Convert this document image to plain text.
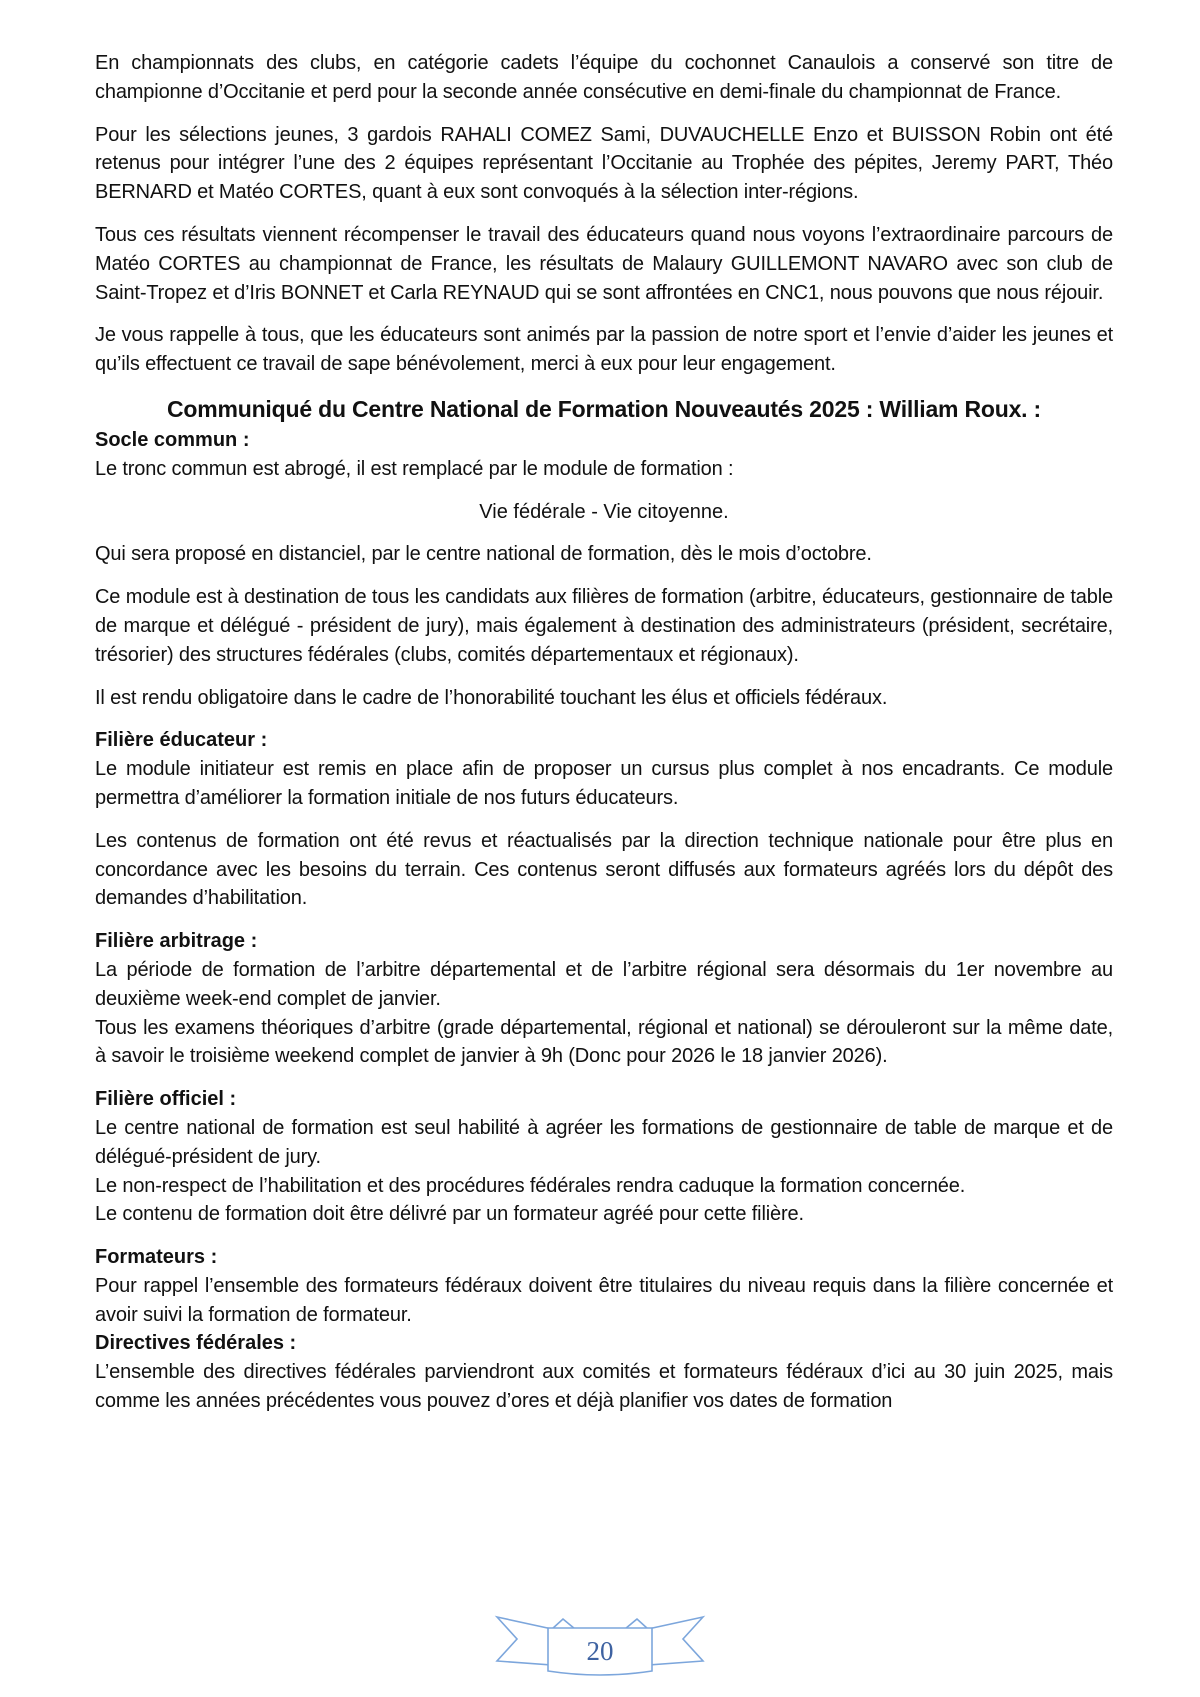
En championnats des clubs, en catégorie cadets l’équipe du cochonnet Canaulois a conservé son titre de championne d’Occitanie et perd pour la seconde année consécutive en demi-finale du championnat de France.

Pour les sélections jeunes, 3 gardois RAHALI COMEZ Sami, DUVAUCHELLE Enzo et BUISSON Robin ont été retenus pour intégrer l’une des 2 équipes représentant l’Occitanie au Trophée des pépites, Jeremy PART, Théo BERNARD et Matéo CORTES, quant à eux sont convoqués à la sélection inter-régions.

Tous ces résultats viennent récompenser le travail des éducateurs quand nous voyons l’extraordinaire parcours de Matéo CORTES au championnat de France, les résultats de Malaury GUILLEMONT NAVARO avec son club de Saint-Tropez et d’Iris BONNET et Carla REYNAUD qui se sont affrontées en CNC1, nous pouvons que nous réjouir.

Je vous rappelle à tous, que les éducateurs sont animés par la passion de notre sport et l’envie d’aider les jeunes et qu’ils effectuent ce travail de sape bénévolement, merci à eux pour leur engagement.

Communiqué du Centre National de Formation Nouveautés 2025 : William Roux. :

Socle commun :

Le tronc commun est abrogé, il est remplacé par le module de formation :

Vie fédérale - Vie citoyenne.

Qui sera proposé en distanciel, par le centre national de formation, dès le mois d’octobre.

Ce module est à destination de tous les candidats aux filières de formation (arbitre, éducateurs, gestionnaire de table de marque et délégué - président de jury), mais également à destination des administrateurs (président, secrétaire, trésorier) des structures fédérales (clubs, comités départementaux et régionaux).

Il est rendu obligatoire dans le cadre de l’honorabilité touchant les élus et officiels fédéraux.

Filière éducateur :

Le module initiateur est remis en place afin de proposer un cursus plus complet à nos encadrants. Ce module permettra d’améliorer la formation initiale de nos futurs éducateurs.

Les contenus de formation ont été revus et réactualisés par la direction technique nationale pour être plus en concordance avec les besoins du terrain. Ces contenus seront diffusés aux formateurs agréés lors du dépôt des demandes d’habilitation.

Filière arbitrage :

La période de formation de l’arbitre départemental et de l’arbitre régional sera désormais du 1er novembre au deuxième week-end complet de janvier.

Tous les examens théoriques d’arbitre (grade départemental, régional et national) se dérouleront sur la même date, à savoir le troisième weekend complet de janvier à 9h (Donc pour 2026 le 18 janvier 2026).

Filière officiel :

Le centre national de formation est seul habilité à agréer les formations de gestionnaire de table de marque et de délégué-président de jury.

Le non-respect de l’habilitation et des procédures fédérales rendra caduque la formation concernée.

Le contenu de formation doit être délivré par un formateur agréé pour cette filière.

Formateurs :

Pour rappel l’ensemble des formateurs fédéraux doivent être titulaires du niveau requis dans la filière concernée et avoir suivi la formation de formateur.

Directives fédérales :

L’ensemble des directives fédérales parviendront aux comités et formateurs fédéraux d’ici au 30 juin 2025, mais comme les années précédentes vous pouvez d’ores et déjà planifier vos dates de formation

20
